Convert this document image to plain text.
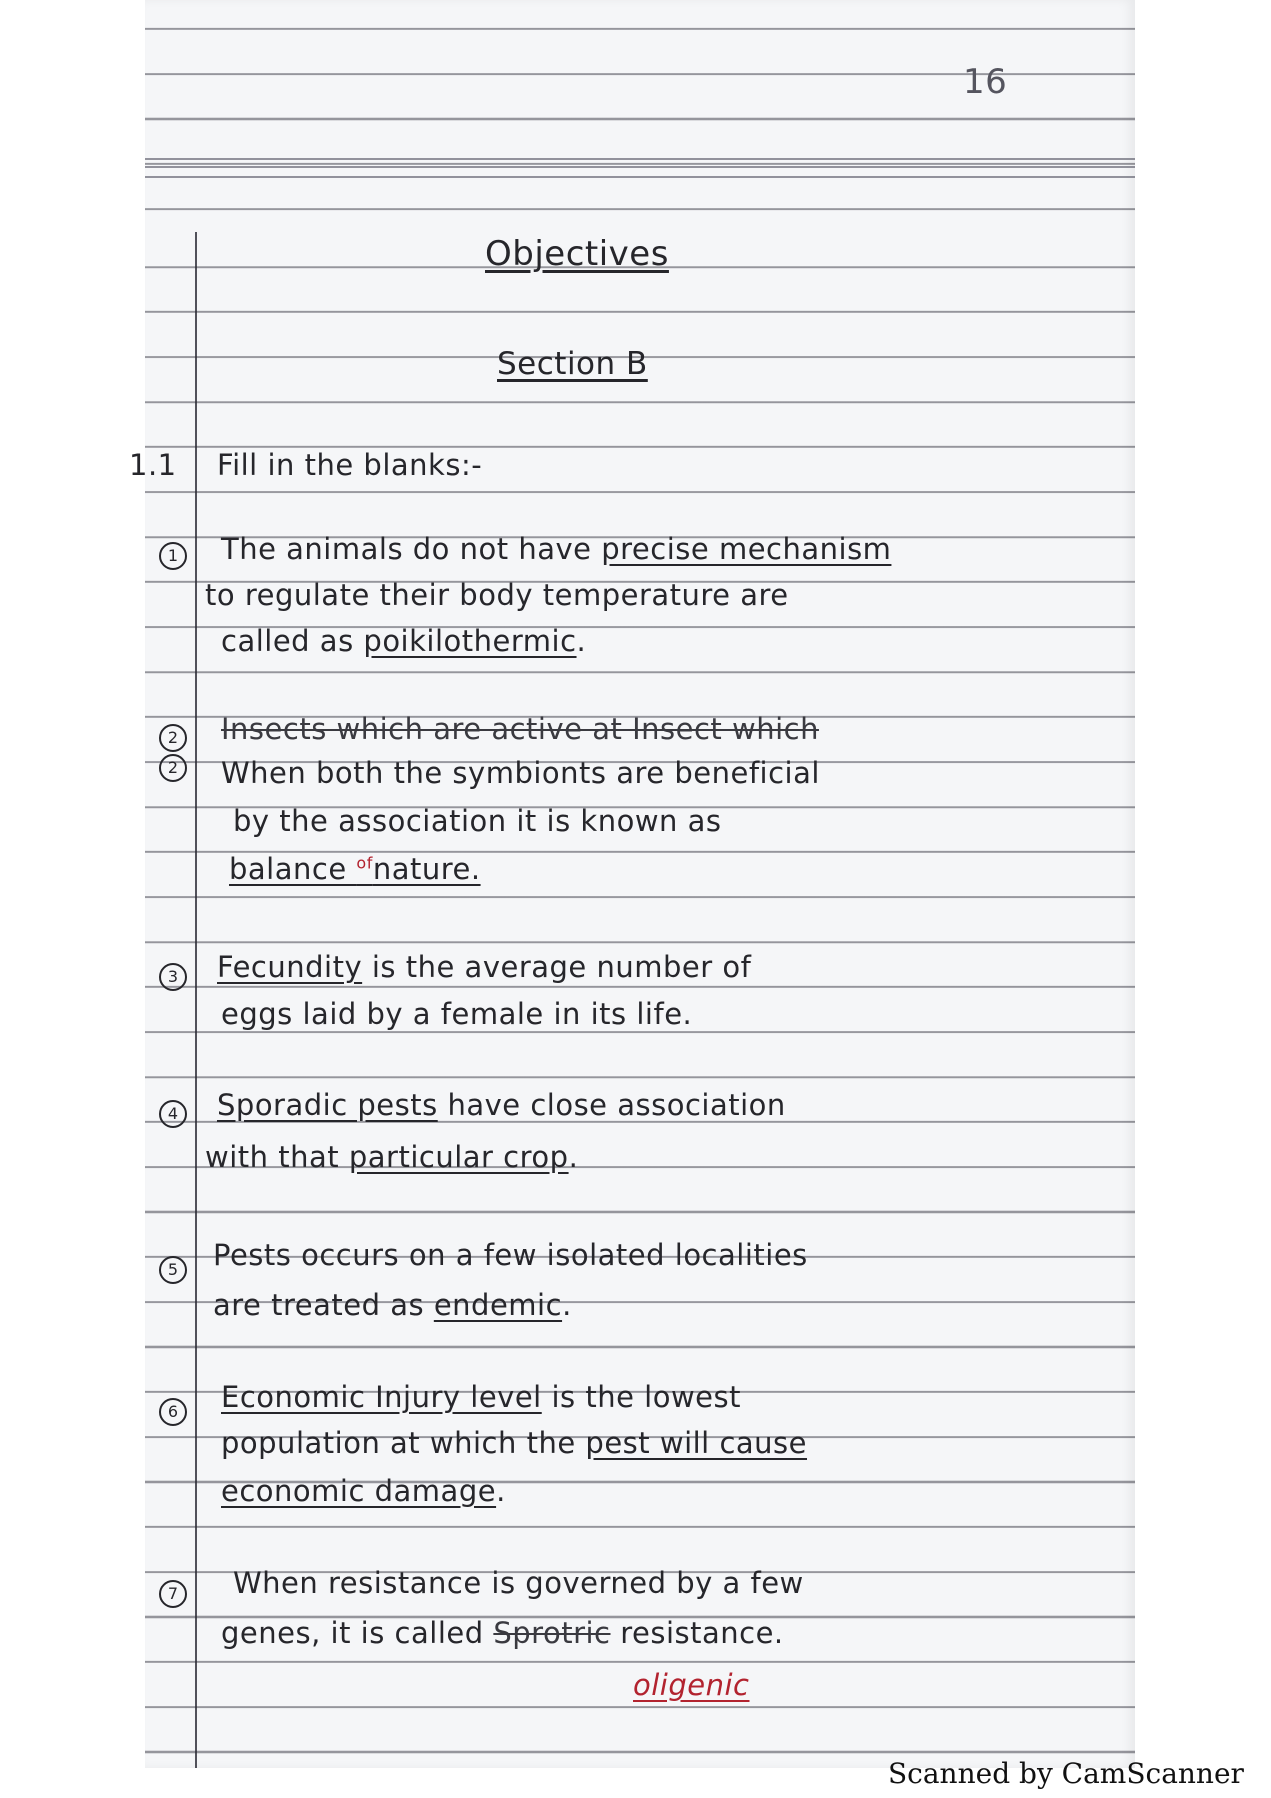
16
Objectives
Section B
1.1 Fill in the blanks:-
1	The animals do not have precise mechanism
to regulate their body temperature are
called as poikilothermic.
2
2
Insects which are active at Insect which
When both the symbionts are beneficial
by the association it is known as
balance $^{of}$nature.
3	Fecundity is the average number of
eggs laid by a female in its life.
4	Sporadic pests have close association
with that particular crop.
5	Pests occurs on a few isolated localities
are treated as endemic.
6	Economic Injury level is the lowest
population at which the pest will cause
economic damage.
7	When resistance is governed by a few
genes, it is called Sprotric resistance.
oligenic
Scanned by CamScanner
